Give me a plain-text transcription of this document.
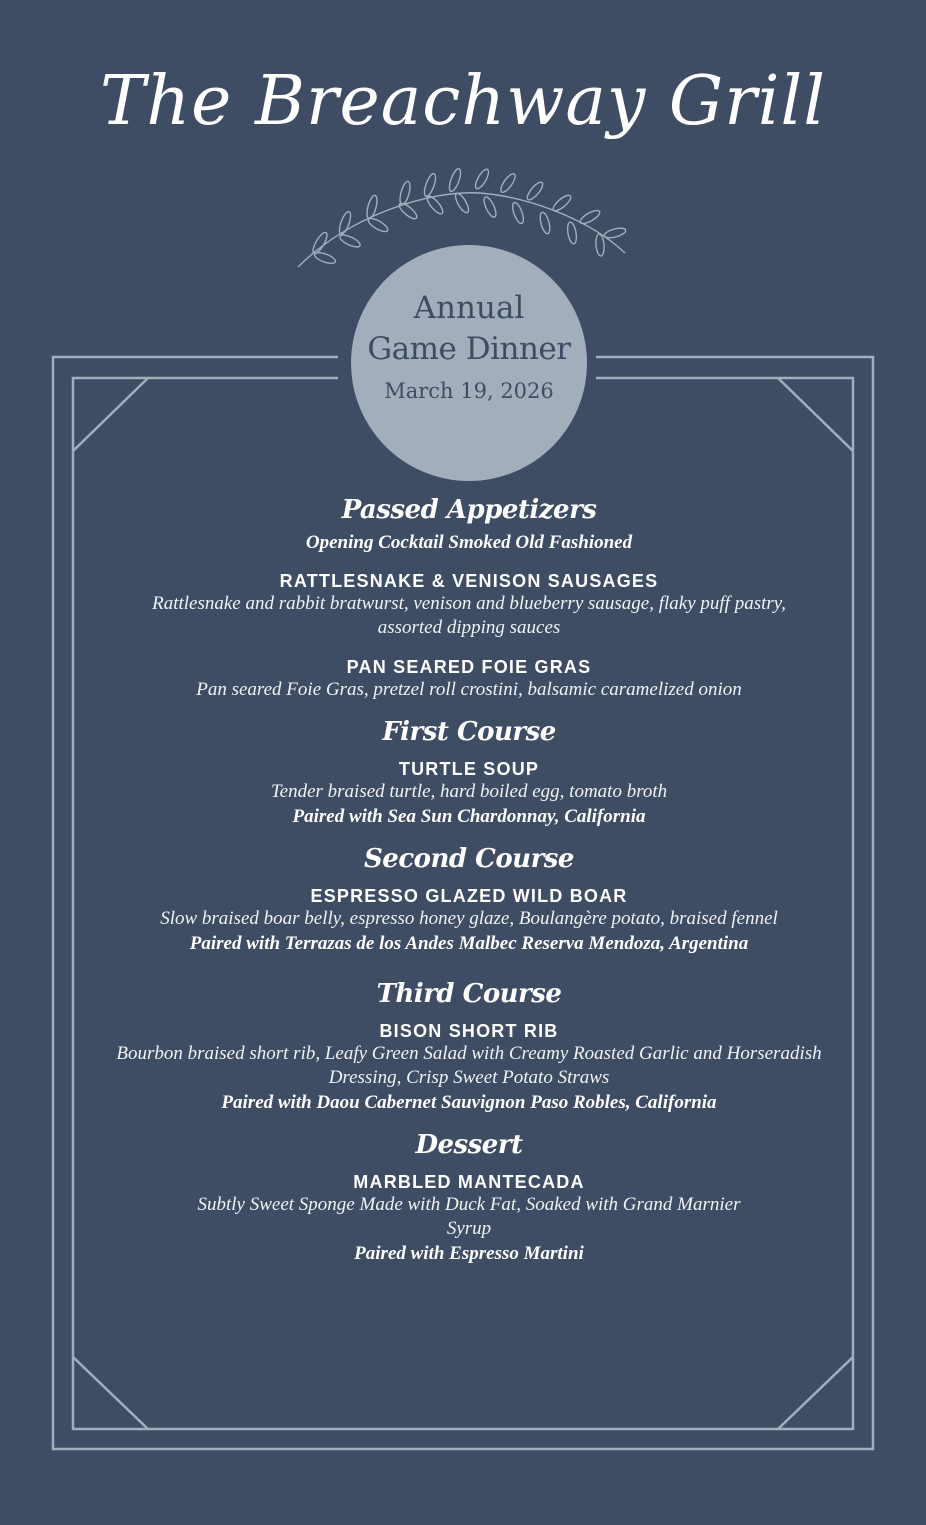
The Breachway Grill
Annual
Game Dinner
March 19, 2026
Passed Appetizers
Opening Cocktail Smoked Old Fashioned
RATTLESNAKE & VENISON SAUSAGES
Rattlesnake and rabbit bratwurst, venison and blueberry sausage, flaky puff pastry, assorted dipping sauces
PAN SEARED FOIE GRAS
Pan seared Foie Gras, pretzel roll crostini, balsamic caramelized onion
First Course
TURTLE SOUP
Tender braised turtle, hard boiled egg, tomato broth
Paired with Sea Sun Chardonnay, California
Second Course
ESPRESSO GLAZED WILD BOAR
Slow braised boar belly, espresso honey glaze, Boulangère potato, braised fennel
Paired with Terrazas de los Andes Malbec Reserva Mendoza, Argentina
Third Course
BISON SHORT RIB
Bourbon braised short rib, Leafy Green Salad with Creamy Roasted Garlic and Horseradish Dressing, Crisp Sweet Potato Straws
Paired with Daou Cabernet Sauvignon Paso Robles, California
Dessert
MARBLED MANTECADA
Subtly Sweet Sponge Made with Duck Fat, Soaked with Grand Marnier Syrup
Paired with Espresso Martini
